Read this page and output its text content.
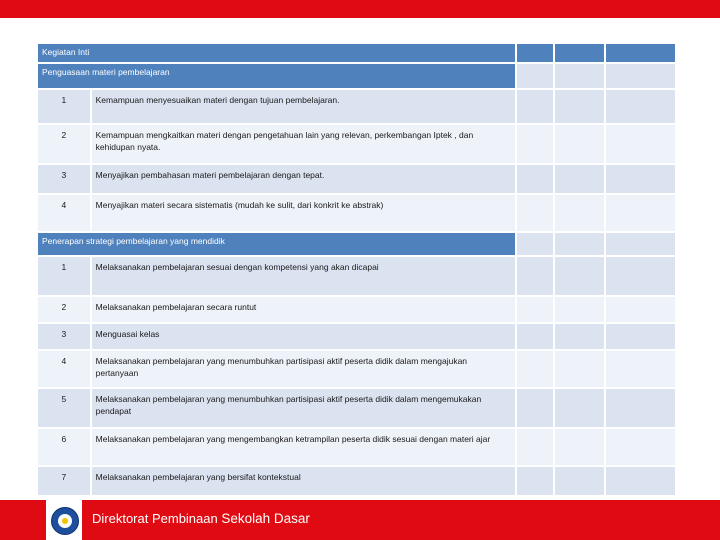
Kegiatan Inti				
Penguasaan materi pembelajaran				
1	Kemampuan menyesuaikan materi dengan tujuan pembelajaran.			
2	Kemampuan mengkaitkan materi dengan pengetahuan lain yang relevan, perkembangan Iptek , dan kehidupan nyata.			
3	Menyajikan pembahasan materi pembelajaran dengan tepat.			
4	Menyajikan materi secara sistematis (mudah ke sulit, dari konkrit ke abstrak)			
Penerapan strategi pembelajaran yang mendidik				
1	Melaksanakan pembelajaran sesuai dengan kompetensi yang akan dicapai			
2	Melaksanakan pembelajaran secara runtut			
3	Menguasai kelas			
4	Melaksanakan pembelajaran yang menumbuhkan partisipasi aktif peserta didik dalam mengajukan pertanyaan			
5	Melaksanakan pembelajaran yang menumbuhkan partisipasi aktif peserta didik dalam mengemukakan pendapat			
6	Melaksanakan pembelajaran yang mengembangkan ketrampilan peserta didik sesuai dengan materi ajar			
7	Melaksanakan pembelajaran yang bersifat kontekstual			
Direktorat Pembinaan Sekolah Dasar
